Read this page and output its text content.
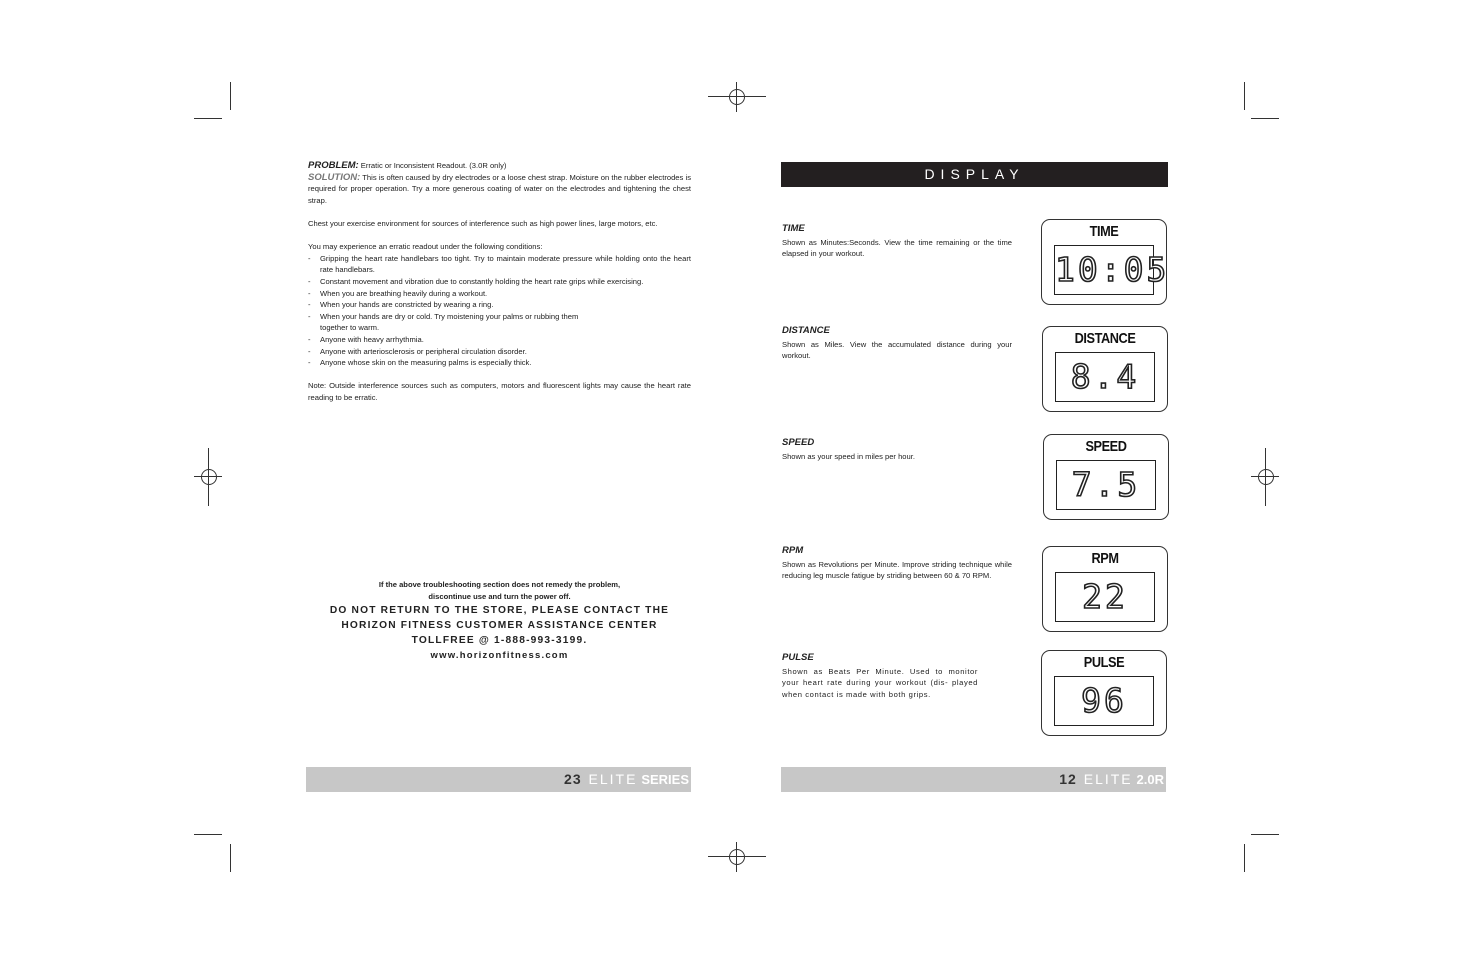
PROBLEM: Erratic or Inconsistent Readout. (3.0R only)

SOLUTION: This is often caused by dry electrodes or a loose chest strap. Moisture on the rubber electrodes is required for proper operation. Try a more generous coating of water on the electrodes and tightening the chest strap.

Chest your exercise environment for sources of interference such as high power lines, large motors, etc.

You may experience an erratic readout under the following conditions:

-	Gripping the heart rate handlebars too tight. Try to maintain moderate pressure while holding onto the heart rate handlebars.
-	Constant movement and vibration due to constantly holding the heart rate grips while exercising.
-	When you are breathing heavily during a workout.
-	When your hands are constricted by wearing a ring.
-	When your hands are dry or cold. Try moistening your palms or rubbing them
together to warm.
-	Anyone with heavy arrhythmia.
-	Anyone with arteriosclerosis or peripheral circulation disorder.
-	Anyone whose skin on the measuring palms is especially thick.

Note: Outside interference sources such as computers, motors and fluorescent lights may cause the heart rate reading to be erratic.

If the above troubleshooting section does not remedy the problem,
discontinue use and turn the power off.
DO NOT RETURN TO THE STORE, PLEASE CONTACT THE
HORIZON FITNESS CUSTOMER ASSISTANCE CENTER
TOLLFREE @ 1-888-993-3199.
www.horizonfitness.com
23 ELITE SERIES
DISPLAY
TIME
Shown as Minutes:Seconds. View the time remaining or the time elapsed in your workout.
TIME
10:05
DISTANCE
Shown as Miles. View the accumulated distance during your workout.
DISTANCE
8.4
SPEED
Shown as your speed in miles per hour.
SPEED
7.5
RPM
Shown as Revolutions per Minute. Improve striding technique while reducing leg muscle fatigue by striding between 60 & 70 RPM.
RPM
22
PULSE
Shown as Beats Per Minute. Used to monitor your heart rate during your workout (dis- played when contact is made with both grips.
PULSE
96
12 ELITE 2.0R
